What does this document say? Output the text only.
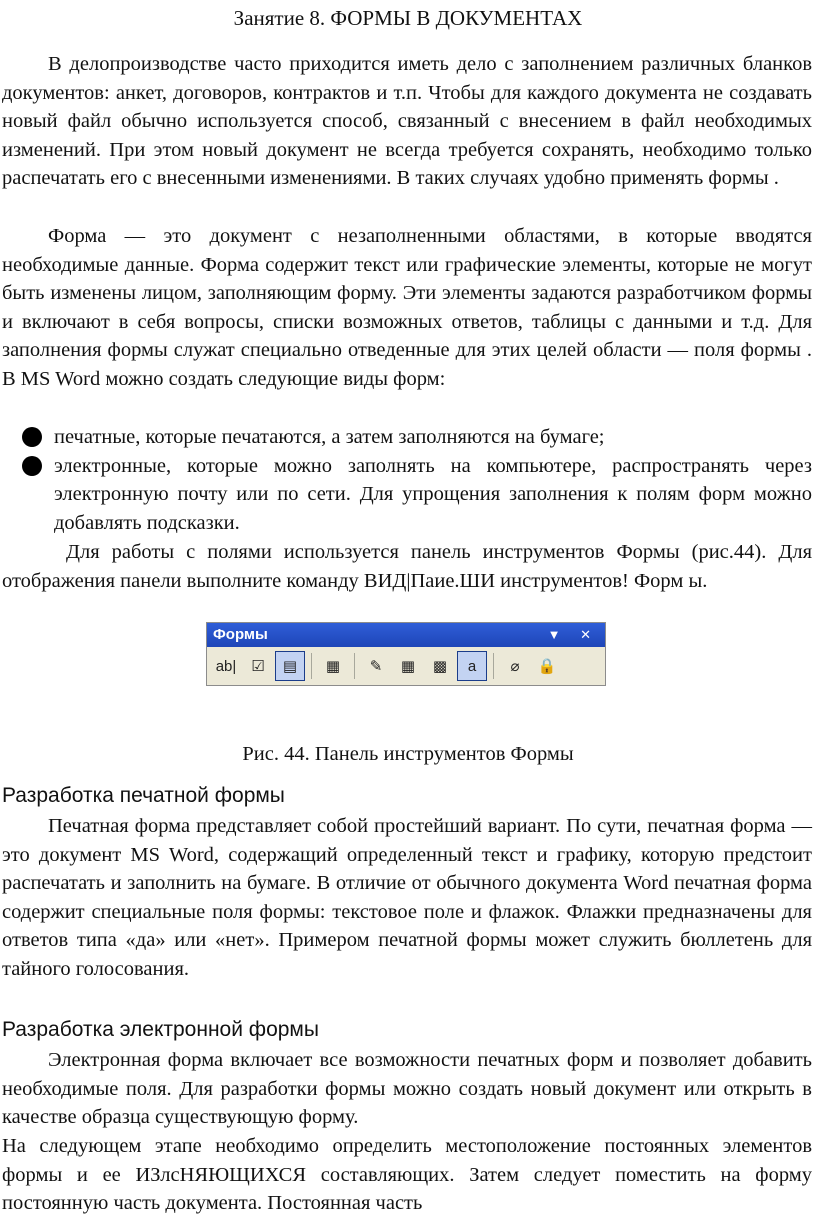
Занятие 8. ФОРМЫ В ДОКУМЕНТАХ
В делопроизводстве часто приходится иметь дело с заполнением различных бланков документов: анкет, договоров, контрактов и т.п. Чтобы для каждого документа не создавать новый файл обычно используется способ, связанный с внесением в файл необходимых изменений. При этом новый документ не всегда требуется сохранять, необходимо только распечатать его с внесенными изменениями. В таких случаях удобно применять формы .
Форма — это документ с незаполненными областями, в которые вводятся необходимые данные. Форма содержит текст или графические элементы, которые не могут быть изменены лицом, заполняющим форму. Эти элементы задаются разработчиком формы и включают в себя вопросы, списки возможных ответов, таблицы с данными и т.д. Для заполнения формы служат специально отведенные для этих целей области — поля формы . В MS Word можно создать следующие виды форм:
печатные, которые печатаются, а затем заполняются на бумаге;
электронные, которые можно заполнять на компьютере, распространять через электронную почту или по сети. Для упрощения заполнения к полям форм можно добавлять подсказки.
Для работы с полями используется панель инструментов Формы (рис.44). Для отображения панели выполните команду ВИД|Паие.ШИ инструментов! Форм ы.
Формы	▼ ✕
ab| ☑	▤	▦	✎	▦	▩	a	⌀	🔒
Рис. 44. Панель инструментов Формы
Разработка печатной формы
Печатная форма представляет собой простейший вариант. По сути, печатная форма — это документ MS Word, содержащий определенный текст и графику, которую предстоит распечатать и заполнить на бумаге. В отличие от обычного документа Word печатная форма содержит специальные поля формы: текстовое поле и флажок. Флажки предназначены для ответов типа «да» или «нет». Примером печатной формы может служить бюллетень для тайного голосования.
Разработка электронной формы
Электронная форма включает все возможности печатных форм и позволяет добавить необходимые поля. Для разработки формы можно создать новый документ или открыть в качестве образца существующую форму.
На следующем этапе необходимо определить местоположение постоянных элементов формы и ее ИЗлсНЯЮЩИХСЯ составляющих. Затем следует поместить на форму постоянную часть документа. Постоянная часть
